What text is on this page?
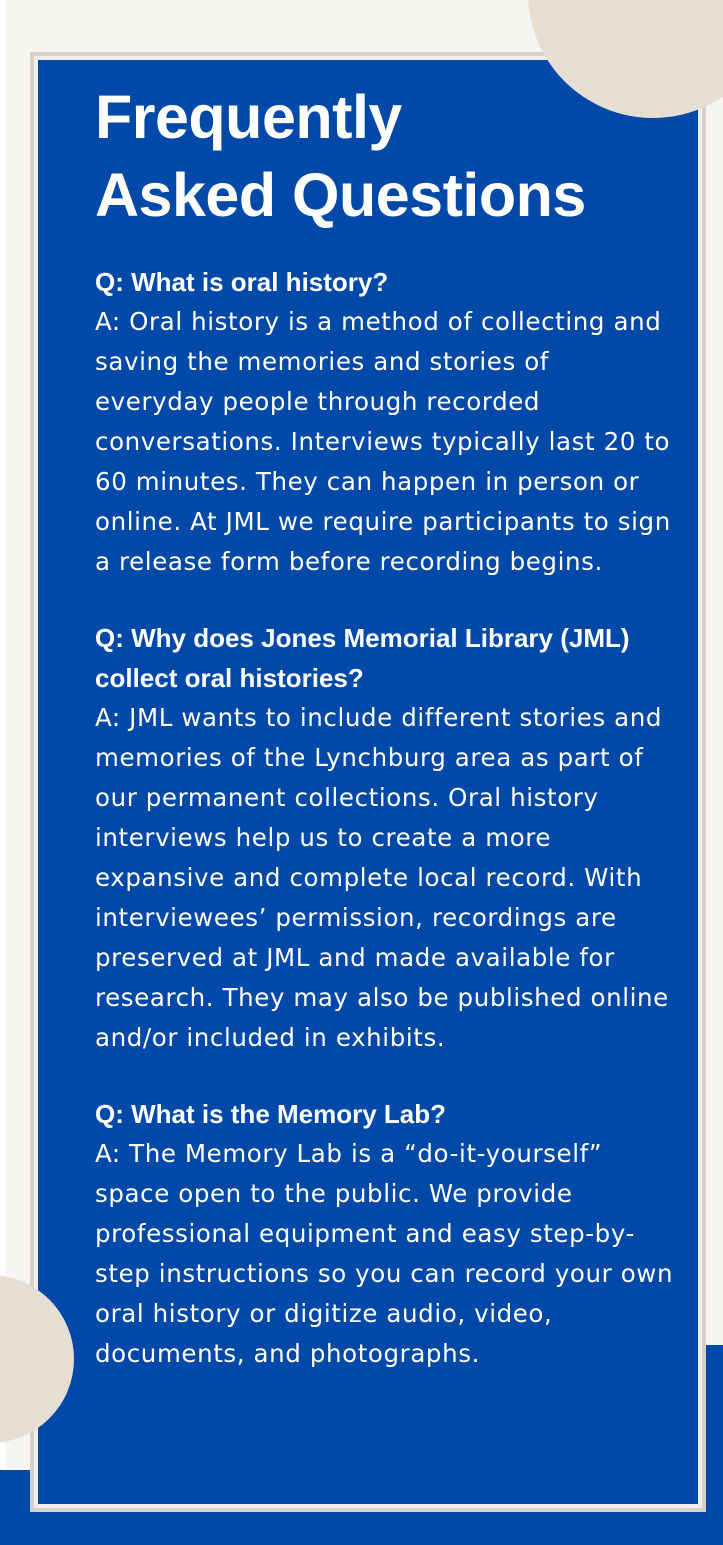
Frequently
Asked Questions
Q: What is oral history?
A: Oral history is a method of collecting and saving the memories and stories of everyday people through recorded conversations. Interviews typically last 20 to 60 minutes. They can happen in person or online. At JML we require participants to sign a release form before recording begins.
Q: Why does Jones Memorial Library (JML) collect oral histories?
A: JML wants to include different stories and memories of the Lynchburg area as part of our permanent collections. Oral history interviews help us to create a more expansive and complete local record. With interviewees’ permission, recordings are preserved at JML and made available for research. They may also be published online and/or included in exhibits.
Q: What is the Memory Lab?
A: The Memory Lab is a “do-it-yourself” space open to the public. We provide professional equipment and easy step-by-step instructions so you can record your own oral history or digitize audio, video, documents, and photographs.
